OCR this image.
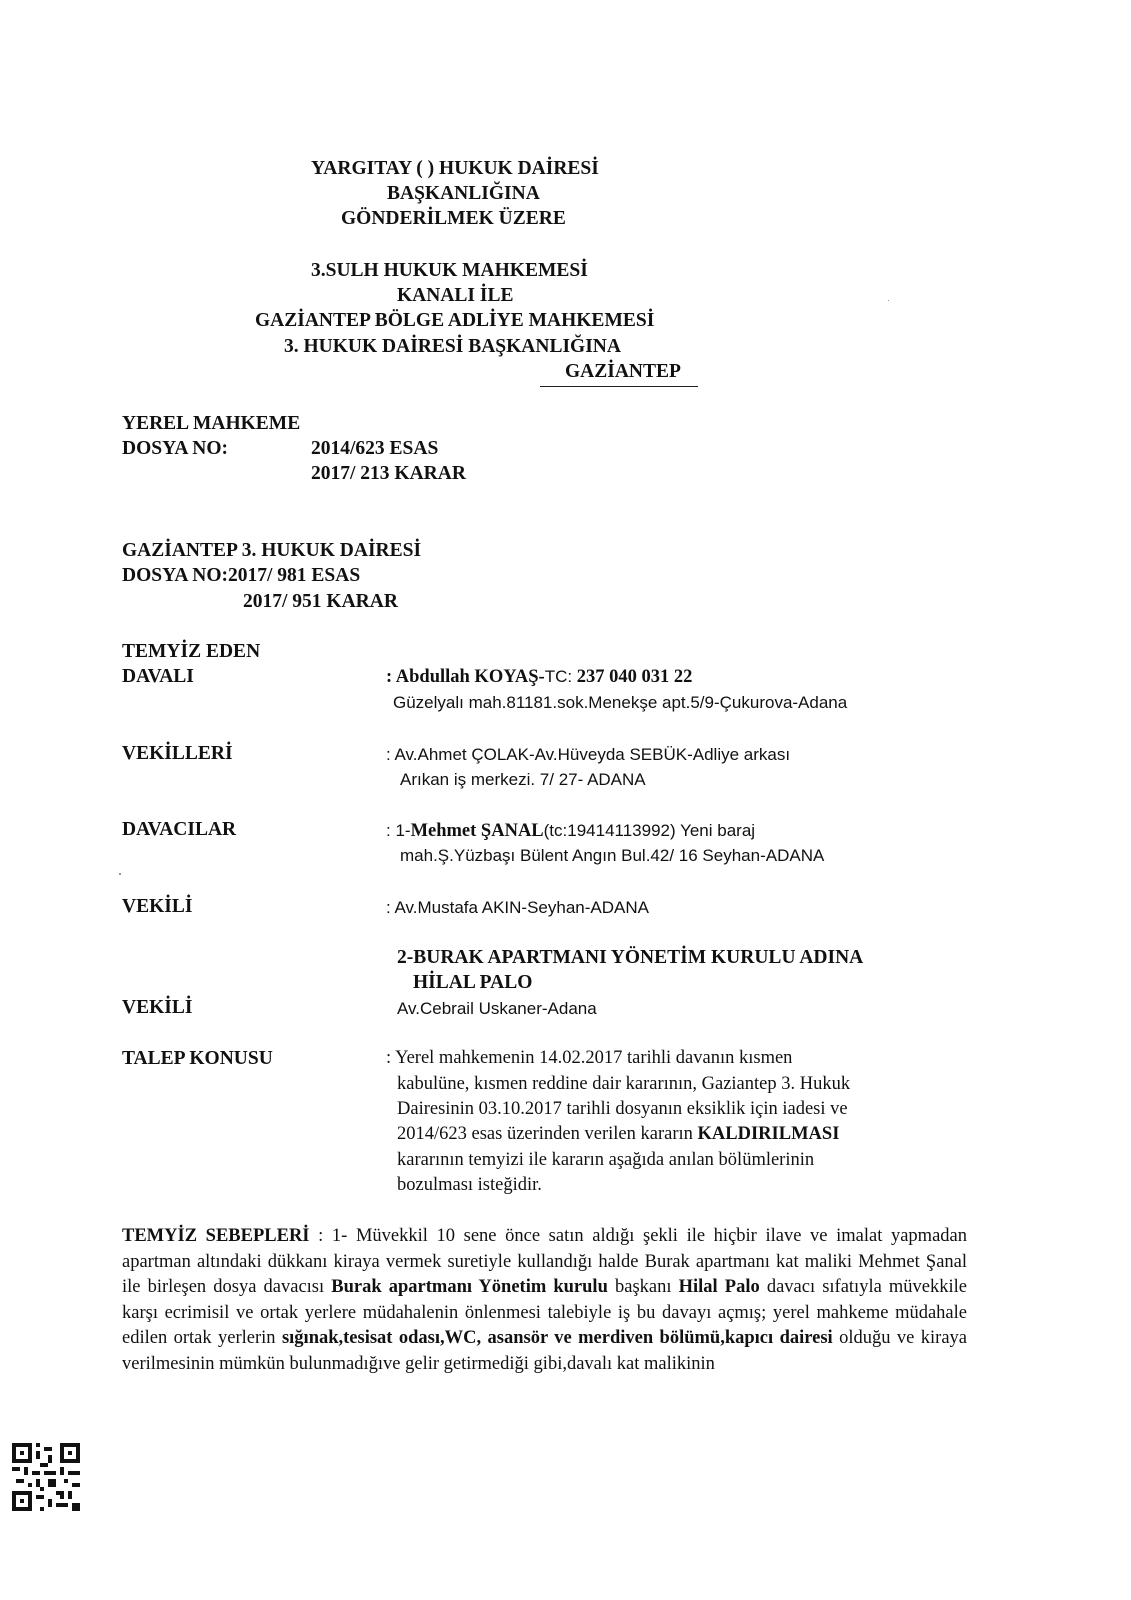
YARGITAY ( ) HUKUK DAİRESİ
BAŞKANLIĞINA
GÖNDERİLMEK ÜZERE
3.SULH HUKUK MAHKEMESİ
KANALI İLE
GAZİANTEP BÖLGE ADLİYE MAHKEMESİ
3. HUKUK DAİRESİ BAŞKANLIĞINA
GAZİANTEP
YEREL MAHKEME
DOSYA NO:	2014/623 ESAS
2017/ 213 KARAR
GAZİANTEP 3. HUKUK DAİRESİ
DOSYA NO:2017/ 981 ESAS
2017/ 951 KARAR
TEMYİZ EDEN
DAVALI	: Abdullah KOYAŞ-TC: 237 040 031 22
Güzelyalı mah.81181.sok.Menekşe apt.5/9-Çukurova-Adana
VEKİLLERİ	: Av.Ahmet ÇOLAK-Av.Hüveyda SEBÜK-Adliye arkası
Arıkan iş merkezi. 7/ 27- ADANA
DAVACILAR	: 1-Mehmet ŞANAL(tc:19414113992) Yeni baraj
mah.Ş.Yüzbaşı Bülent Angın Bul.42/ 16 Seyhan-ADANA
VEKİLİ	: Av.Mustafa AKIN-Seyhan-ADANA
2-BURAK APARTMANI YÖNETİM KURULU ADINA
HİLAL PALO
VEKİLİ	Av.Cebrail Uskaner-Adana
TALEP KONUSU	: Yerel mahkemenin 14.02.2017 tarihli davanın kısmen
kabulüne, kısmen reddine dair kararının, Gaziantep 3. Hukuk
Dairesinin 03.10.2017 tarihli dosyanın eksiklik için iadesi ve
2014/623 esas üzerinden verilen kararın KALDIRILMASI
kararının temyizi ile kararın aşağıda anılan bölümlerinin
bozulması isteğidir.
TEMYİZ SEBEPLERİ : 1- Müvekkil 10 sene önce satın aldığı şekli ile hiçbir ilave ve imalat yapmadan apartman altındaki dükkanı kiraya vermek suretiyle kullandığı halde Burak apartmanı kat maliki Mehmet Şanal ile birleşen dosya davacısı Burak apartmanı Yönetim kurulu başkanı Hilal Palo davacı sıfatıyla müvekkile karşı ecrimisil ve ortak yerlere müdahalenin önlenmesi talebiyle iş bu davayı açmış; yerel mahkeme müdahale edilen ortak yerlerin sığınak,tesisat odası,WC, asansör ve merdiven bölümü,kapıcı dairesi olduğu ve kiraya verilmesinin mümkün bulunmadığıve gelir getirmediği gibi,davalı kat malikinin
